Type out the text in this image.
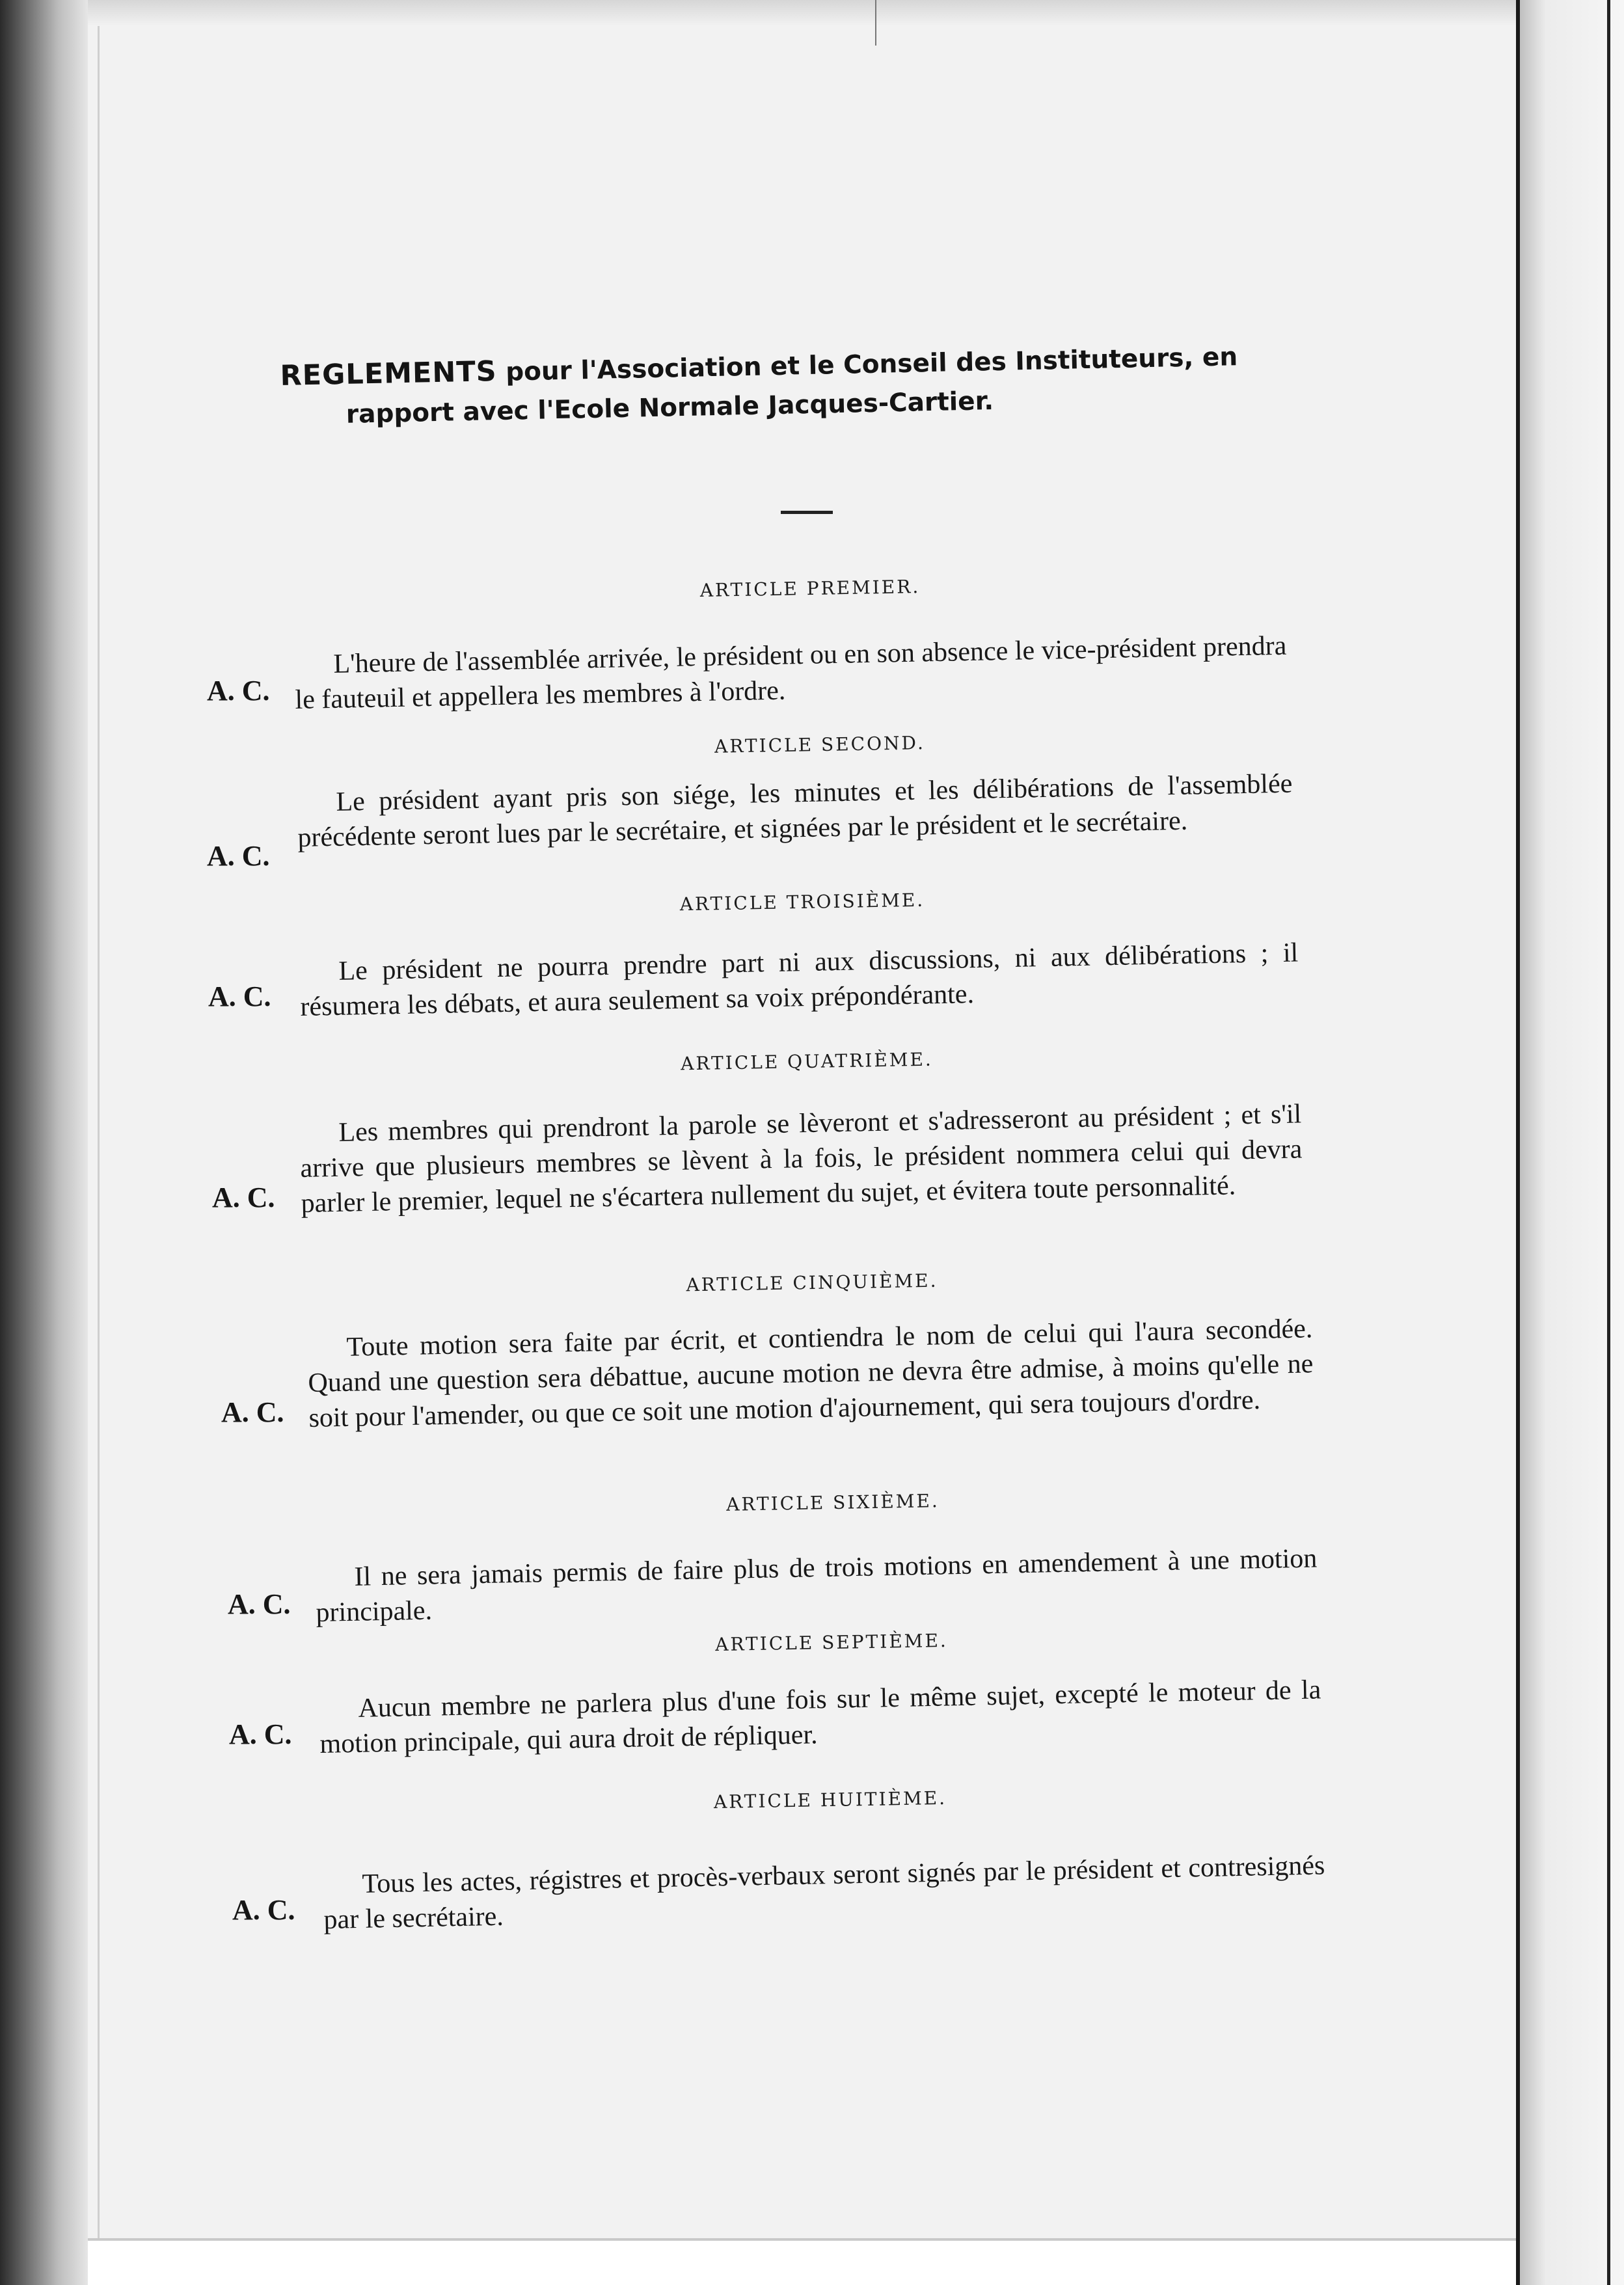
REGLEMENTS pour l'Association et le Conseil des Instituteurs, en
rapport avec l'Ecole Normale Jacques-Cartier.
ARTICLE PREMIER.
A. C.
L'heure de l'assemblée arrivée, le président ou en son absence le vice-président prendra le fauteuil et appellera les membres à l'ordre.
ARTICLE SECOND.
A. C.
Le président ayant pris son siége, les minutes et les délibérations de l'assemblée précédente seront lues par le secrétaire, et signées par le président et le secrétaire.
ARTICLE TROISIÈME.
A. C.
Le président ne pourra prendre part ni aux discussions, ni aux délibérations ; il résumera les débats, et aura seulement sa voix prépondérante.
ARTICLE QUATRIÈME.
A. C.
Les membres qui prendront la parole se lèveront et s'adresseront au président ; et s'il arrive que plusieurs membres se lèvent à la fois, le président nommera celui qui devra parler le premier, lequel ne s'écartera nullement du sujet, et évitera toute personnalité.
ARTICLE CINQUIÈME.
A. C.
Toute motion sera faite par écrit, et contiendra le nom de celui qui l'aura secondée. Quand une question sera débattue, aucune motion ne devra être admise, à moins qu'elle ne soit pour l'amender, ou que ce soit une motion d'ajournement, qui sera toujours d'ordre.
ARTICLE SIXIÈME.
A. C.
Il ne sera jamais permis de faire plus de trois motions en amendement à une motion principale.
ARTICLE SEPTIÈME.
A. C.
Aucun membre ne parlera plus d'une fois sur le même sujet, excepté le moteur de la motion principale, qui aura droit de répliquer.
ARTICLE HUITIÈME.
A. C.
Tous les actes, régistres et procès-verbaux seront signés par le président et contresignés par le secrétaire.
